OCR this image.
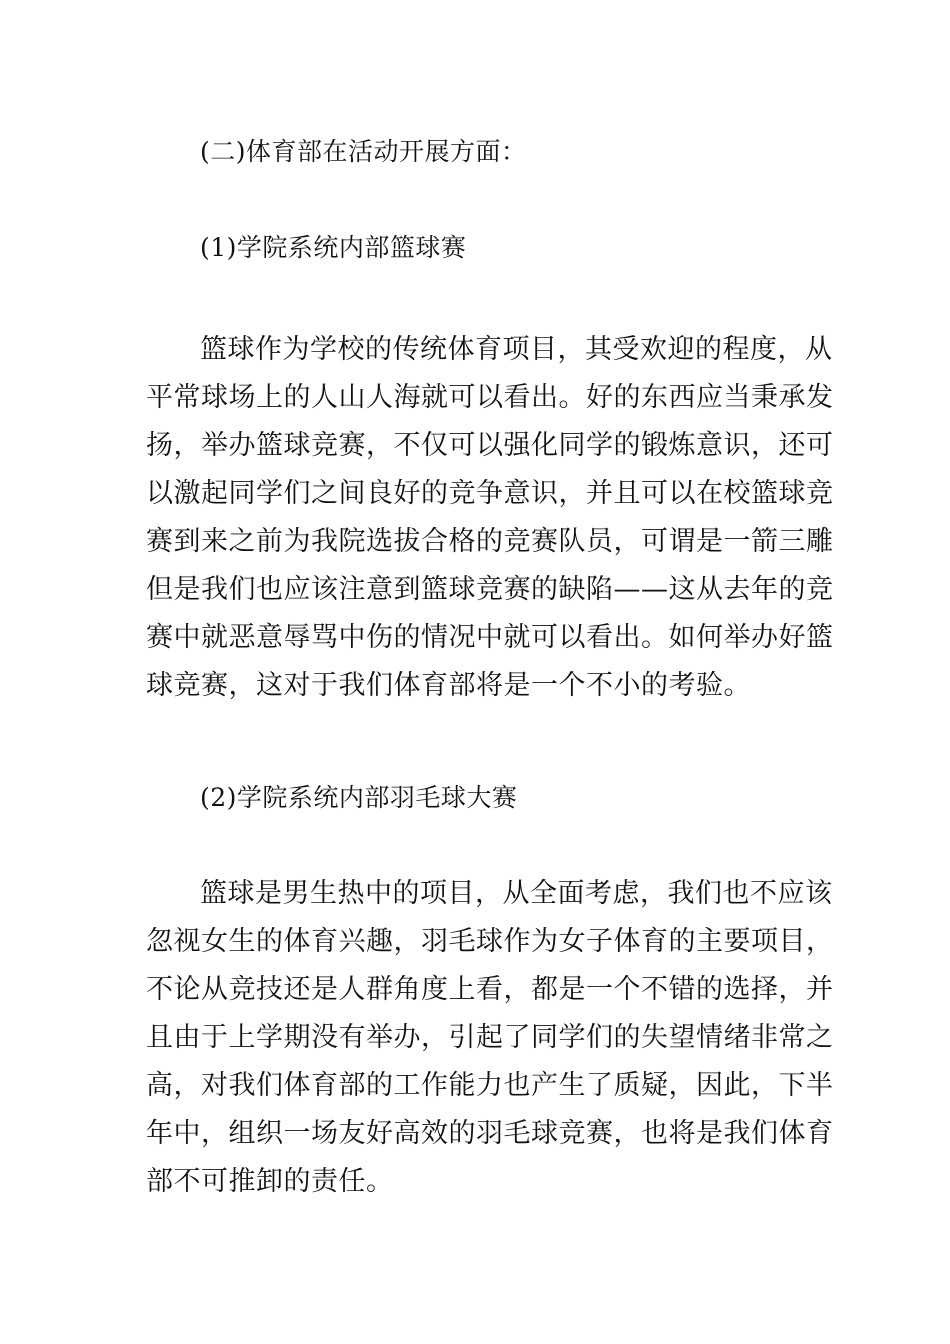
(二)体育部在活动开展方面：
(1)学院系统内部篮球赛
篮球作为学校的传统体育项目，其受欢迎的程度，从
平常球场上的人山人海就可以看出。好的东西应当秉承发
扬，举办篮球竞赛，不仅可以强化同学的锻炼意识，还可
以激起同学们之间良好的竞争意识，并且可以在校篮球竞
赛到来之前为我院选拔合格的竞赛队员，可谓是一箭三雕
但是我们也应该注意到篮球竞赛的缺陷——这从去年的竞
赛中就恶意辱骂中伤的情况中就可以看出。如何举办好篮
球竞赛，这对于我们体育部将是一个不小的考验。
(2)学院系统内部羽毛球大赛
篮球是男生热中的项目，从全面考虑，我们也不应该
忽视女生的体育兴趣，羽毛球作为女子体育的主要项目，
不论从竞技还是人群角度上看，都是一个不错的选择，并
且由于上学期没有举办，引起了同学们的失望情绪非常之
高，对我们体育部的工作能力也产生了质疑，因此，下半
年中，组织一场友好高效的羽毛球竞赛，也将是我们体育
部不可推卸的责任。
